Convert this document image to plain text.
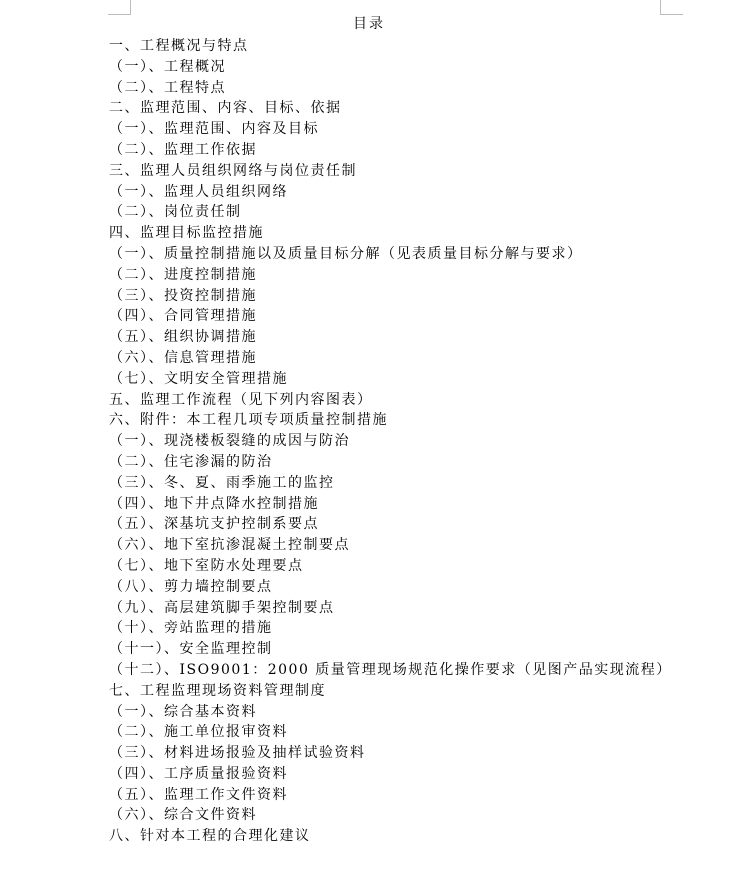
目录
一、工程概况与特点
（一）、工程概况
（二）、工程特点
二、监理范围、内容、目标、依据
（一）、监理范围、内容及目标
（二）、监理工作依据
三、监理人员组织网络与岗位责任制
（一）、监理人员组织网络
（二）、岗位责任制
四、监理目标监控措施
（一）、质量控制措施以及质量目标分解（见表质量目标分解与要求）
（二）、进度控制措施
（三）、投资控制措施
（四）、合同管理措施
（五）、组织协调措施
（六）、信息管理措施
（七）、文明安全管理措施
五、监理工作流程（见下列内容图表）
六、附件：本工程几项专项质量控制措施
（一）、现浇楼板裂缝的成因与防治
（二）、住宅渗漏的防治
（三）、冬、夏、雨季施工的监控
（四）、地下井点降水控制措施
（五）、深基坑支护控制系要点
（六）、地下室抗渗混凝土控制要点
（七）、地下室防水处理要点
（八）、剪力墙控制要点
（九）、高层建筑脚手架控制要点
（十）、旁站监理的措施
（十一）、安全监理控制
（十二）、ISO9001：2000 质量管理现场规范化操作要求（见图产品实现流程）
七、工程监理现场资料管理制度
（一）、综合基本资料
（二）、施工单位报审资料
（三）、材料进场报验及抽样试验资料
（四）、工序质量报验资料
（五）、监理工作文件资料
（六）、综合文件资料
八、针对本工程的合理化建议
